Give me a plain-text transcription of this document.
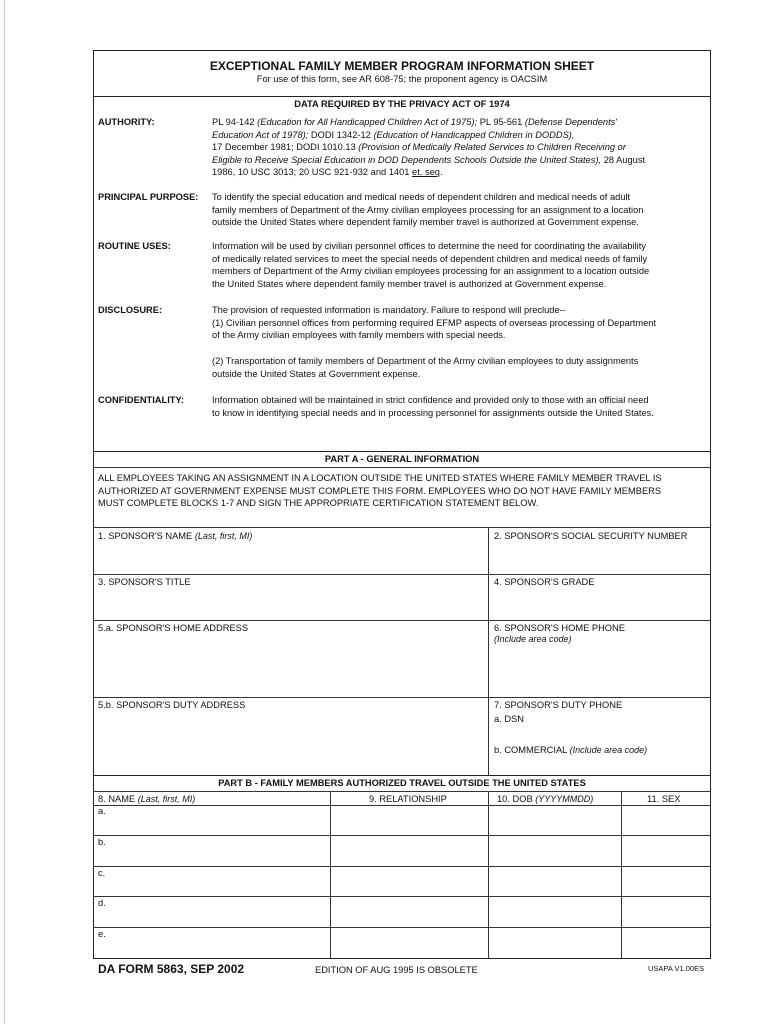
EXCEPTIONAL FAMILY MEMBER PROGRAM INFORMATION SHEET
For use of this form, see AR 608-75; the proponent agency is OACSIM
DATA REQUIRED BY THE PRIVACY ACT OF 1974
AUTHORITY:	PL 94-142 (Education for All Handicapped Children Act of 1975); PL 95-561 (Defense Dependents'
Education Act of 1978); DODI 1342-12 (Education of Handicapped Children in DODDS),
17 December 1981; DODI 1010.13 (Provision of Medically Related Services to Children Receiving or
Eligible to Receive Special Education in DOD Dependents Schools Outside the United States), 28 August
1986, 10 USC 3013; 20 USC 921-932 and 1401 et. seq.
PRINCIPAL PURPOSE: To identify the special education and medical needs of dependent children and medical needs of adult
family members of Department of the Army civilian employees processing for an assignment to a location
outside the United States where dependent family member travel is authorized at Government expense.
ROUTINE USES:	Information will be used by civilian personnel offices to determine the need for coordinating the availability
of medically related services to meet the special needs of dependent children and medical needs of family
members of Department of the Army civilian employees processing for an assignment to a location outside
the United States where dependent family member travel is authorized at Government expense.
DISCLOSURE:	The provision of requested information is mandatory. Failure to respond will preclude--
(1) Civilian personnel offices from performing required EFMP aspects of overseas processing of Department
of the Army civilian employees with family members with special needs.
(2) Transportation of family members of Department of the Army civilian employees to duty assignments
outside the United States at Government expense.
CONFIDENTIALITY:	Information obtained will be maintained in strict confidence and provided only to those with an official need
to know in identifying special needs and in processing personnel for assignments outside the United States.
PART A - GENERAL INFORMATION
ALL EMPLOYEES TAKING AN ASSIGNMENT IN A LOCATION OUTSIDE THE UNITED STATES WHERE FAMILY MEMBER TRAVEL IS
AUTHORIZED AT GOVERNMENT EXPENSE MUST COMPLETE THIS FORM. EMPLOYEES WHO DO NOT HAVE FAMILY MEMBERS
MUST COMPLETE BLOCKS 1-7 AND SIGN THE APPROPRIATE CERTIFICATION STATEMENT BELOW.
1. SPONSOR'S NAME (Last, first, MI)	2. SPONSOR'S SOCIAL SECURITY NUMBER
3. SPONSOR'S TITLE	4. SPONSOR'S GRADE
5.a. SPONSOR'S HOME ADDRESS	6. SPONSOR'S HOME PHONE
(Include area code)
5.b. SPONSOR'S DUTY ADDRESS	7. SPONSOR'S DUTY PHONE
a. DSN
b. COMMERCIAL (Include area code)
PART B - FAMILY MEMBERS AUTHORIZED TRAVEL OUTSIDE THE UNITED STATES
8. NAME (Last, first, MI)	9. RELATIONSHIP	10. DOB (YYYYMMDD)	11. SEX
a.
b.
c.
d.
e.
DA FORM 5863, SEP 2002	EDITION OF AUG 1995 IS OBSOLETE	USAPA V1.00ES
